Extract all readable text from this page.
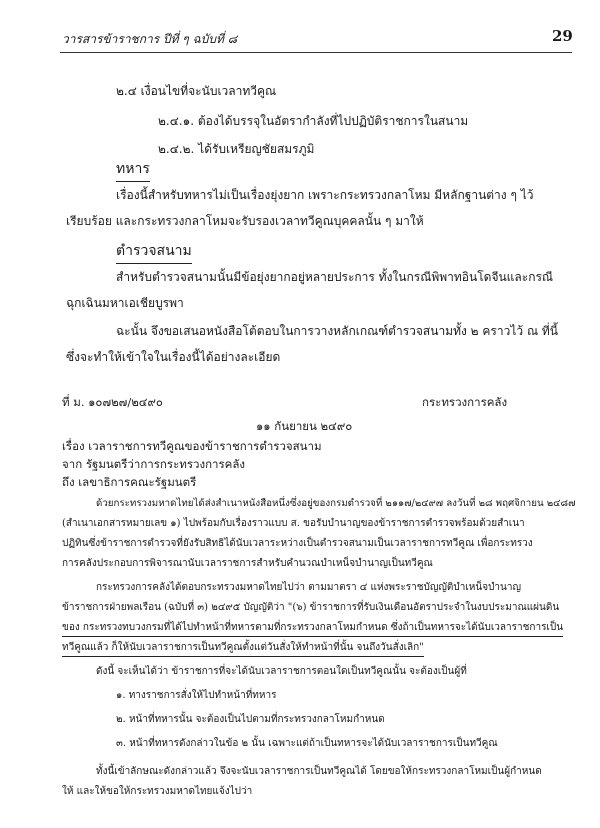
วารสารข้าราชการ ปีที่ ๆ ฉบับที่ ๘	29
๒.๔ เงื่อนไขที่จะนับเวลาทวีคูณ
๒.๔.๑. ต้องได้บรรจุในอัตรากำลังที่ไปปฏิบัติราชการในสนาม
๒.๔.๒. ได้รับเหรียญชัยสมรภูมิ
ทหาร
เรื่องนี้สำหรับทหารไม่เป็นเรื่องยุ่งยาก เพราะกระทรวงกลาโหม มีหลักฐานต่าง ๆ ไว้
เรียบร้อย และกระทรวงกลาโหมจะรับรองเวลาทวีคูณบุคคลนั้น ๆ มาให้
ตำรวจสนาม
สำหรับตำรวจสนามนั้นมีข้อยุ่งยากอยู่หลายประการ ทั้งในกรณีพิพาทอินโดจีนและกรณี
ฉุกเฉินมหาเอเชียบูรพา
ฉะนั้น จึงขอเสนอหนังสือโต้ตอบในการวางหลักเกณฑ์ตำรวจสนามทั้ง ๒ คราวไว้ ณ ที่นี้
ซึ่งจะทำให้เข้าใจในเรื่องนี้ได้อย่างละเอียด
ที่ ม. ๑๐๗๒๗/๒๔๙๐	กระทรวงการคลัง
๑๑ กันยายน ๒๔๙๐
เรื่อง เวลาราชการทวีคูณของข้าราชการตำรวจสนาม
จาก รัฐมนตรีว่าการกระทรวงการคลัง
ถึง เลขาธิการคณะรัฐมนตรี
ด้วยกระทรวงมหาดไทยได้ส่งสำเนาหนังสือหนึ่งซึ่งอยู่ของกรมตำรวจที่ ๒๑๑๗/๒๔๙๗ ลงวันที่ ๒๘ พฤศจิกายน ๒๔๘๗
(สำเนาเอกสารหมายเลข ๑) ไปพร้อมกับเรื่องราวแบบ ส. ขอรับบำนาญของข้าราชการตำรวจพร้อมด้วยสำเนา
ปฏิทินซึ่งข้าราชการตำรวจที่ยังรับสิทธิได้นับเวลาระหว่างเป็นตำรวจสนามเป็นเวลาราชการทวีคูณ เพื่อกระทรวง
การคลังประกอบการพิจารณานับเวลาราชการสำหรับคำนวณบำเหน็จบำนาญเป็นทวีคูณ
กระทรวงการคลังได้ตอบกระทรวงมหาดไทยไปว่า ตามมาตรา ๔ แห่งพระราชบัญญัติบำเหน็จบำนาญ
ข้าราชการฝ่ายพลเรือน (ฉบับที่ ๓) ๒๔๙๕ บัญญัติว่า "(๖) ข้าราชการที่รับเงินเดือนอัตราประจำในงบประมาณแผ่นดิน
ของ กระทรวงทบวงกรมที่ได้ไปทำหน้าที่ทหารตามที่กระทรวงกลาโหมกำหนด ซึ่งถ้าเป็นทหารจะได้นับเวลาราชการเป็น
ทวีคูณแล้ว ก็ให้นับเวลาราชการเป็นทวีคูณตั้งแต่วันสั่งให้ทำหน้าที่นั้น จนถึงวันสั่งเลิก"
ดังนี้ จะเห็นได้ว่า ข้าราชการที่จะได้นับเวลาราชการตอนใดเป็นทวีคูณนั้น จะต้องเป็นผู้ที่
๑. ทางราชการสั่งให้ไปทำหน้าที่ทหาร
๒. หน้าที่ทหารนั้น จะต้องเป็นไปตามที่กระทรวงกลาโหมกำหนด
๓. หน้าที่ทหารดังกล่าวในข้อ ๒ นั้น เฉพาะแต่ถ้าเป็นทหารจะได้นับเวลาราชการเป็นทวีคูณ
ทั้งนี้เข้าลักษณะดังกล่าวแล้ว จึงจะนับเวลาราชการเป็นทวีคูณได้ โดยขอให้กระทรวงกลาโหมเป็นผู้กำหนด
ให้ และให้ขอให้กระทรวงมหาดไทยแจ้งไปว่า
